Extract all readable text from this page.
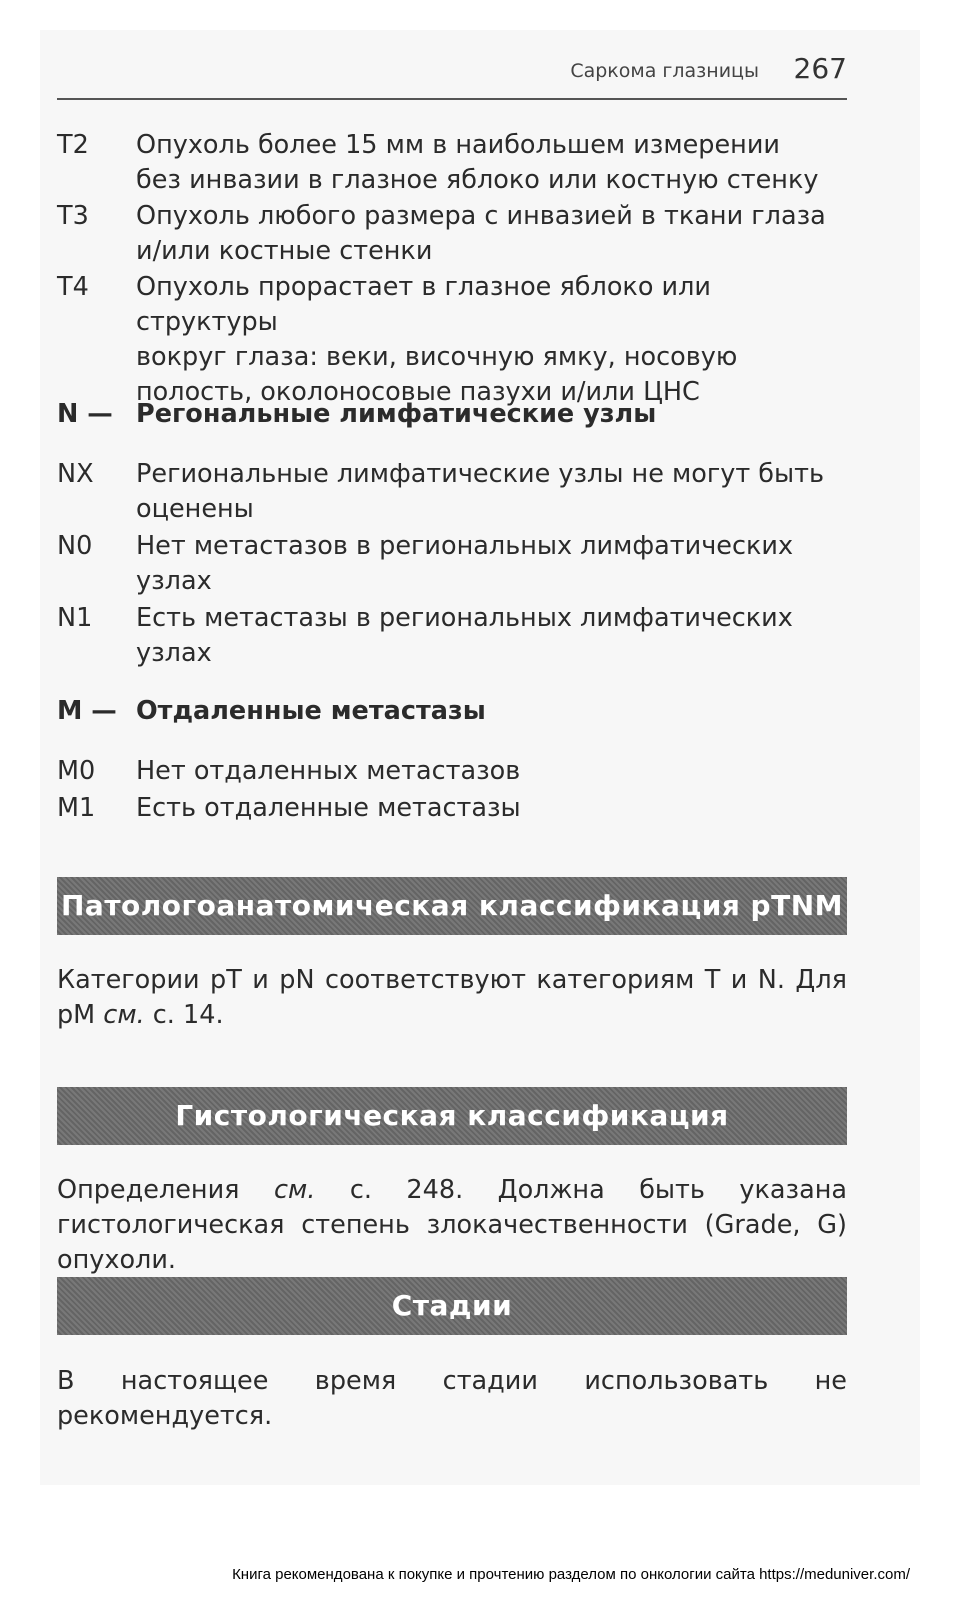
Саркома глазницы 267
T2	Опухоль более 15 мм в наибольшем измерении
без инвазии в глазное яблоко или костную стенку
T3	Опухоль любого размера с инвазией в ткани глаза
и/или костные стенки
T4	Опухоль прорастает в глазное яблоко или структуры
вокруг глаза: веки, височную ямку, носовую
полость, околоносовые пазухи и/или ЦНС
N — Регональные лимфатические узлы
NX	Региональные лимфатические узлы не могут быть
оценены
N0	Нет метастазов в региональных лимфатических
узлах
N1	Есть метастазы в региональных лимфатических
узлах
M — Отдаленные метастазы
M0	Нет отдаленных метастазов
M1	Есть отдаленные метастазы
Патологоанатомическая классификация pTNM
Категории pT и pN соответствуют категориям T и N. Для pM см. с. 14.
Гистологическая классификация
Определения см. с. 248. Должна быть указана гистологическая степень злокачественности (Grade, G) опухоли.
Стадии
В настоящее время стадии использовать не рекомендуется.
Книга рекомендована к покупке и прочтению разделом по онкологии сайта https://meduniver.com/
